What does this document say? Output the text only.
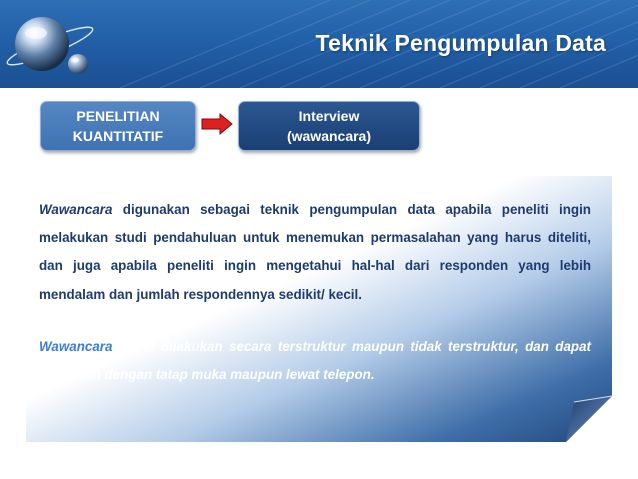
Teknik Pengumpulan Data
PENELITIAN
KUANTITATIF
Interview
(wawancara)

Wawancara digunakan sebagai teknik pengumpulan data apabila peneliti ingin melakukan studi pendahuluan untuk menemukan permasalahan yang harus diteliti, dan juga apabila peneliti ingin mengetahui hal-hal dari responden yang lebih mendalam dan jumlah respondennya sedikit/ kecil.

Wawancara dapat dilakukan secara terstruktur maupun tidak terstruktur, dan dapat dilakukan dengan tatap muka maupun lewat telepon.
